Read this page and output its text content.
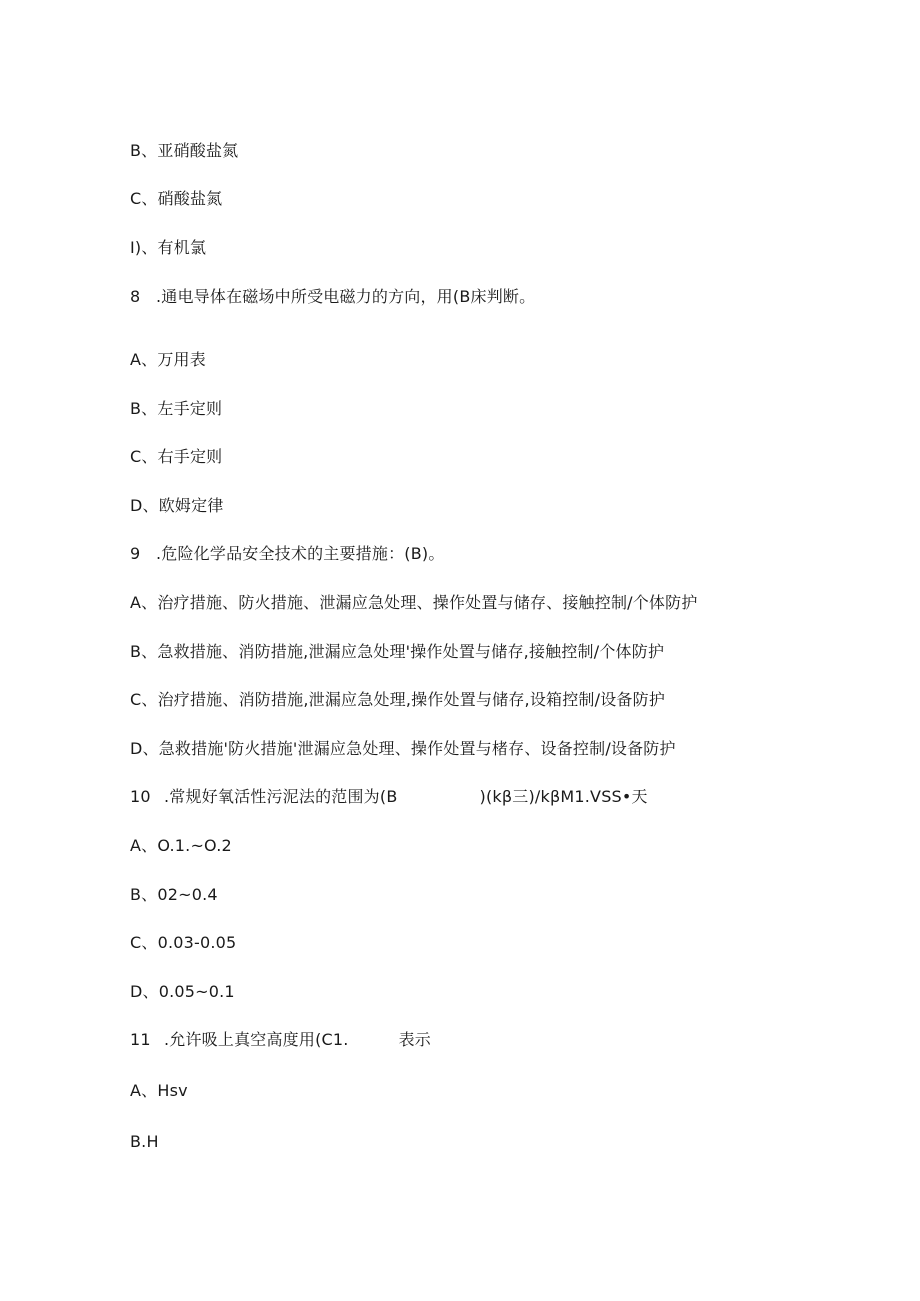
B、亚硝酸盐氮
C、硝酸盐氮
I)、有机氯
8 .通电导体在磁场中所受电磁力的方向，用(B床判断。
A、万用表
B、左手定则
C、右手定则
D、欧姆定律
9 .危险化学品安全技术的主要措施：(B)。
A、治疗措施、防火措施、泄漏应急处理、操作处置与储存、接触控制/个体防护
B、急救措施、消防措施,泄漏应急处理'操作处置与储存,接触控制/个体防护
C、治疗措施、消防措施,泄漏应急处理,操作处置与储存,设箱控制/设备防护
D、急救措施'防火措施'泄漏应急处理、操作处置与楮存、设备控制/设备防护
10 .常规好氧活性污泥法的范围为(B	)(kβ三)∕kβM1.VSS•天
A、O.1.~O.2
B、02~0.4
C、0.03-0.05
D、0.05~0.1
11 .允许吸上真空高度用(C1.	表示
A、Hsv
B.H
